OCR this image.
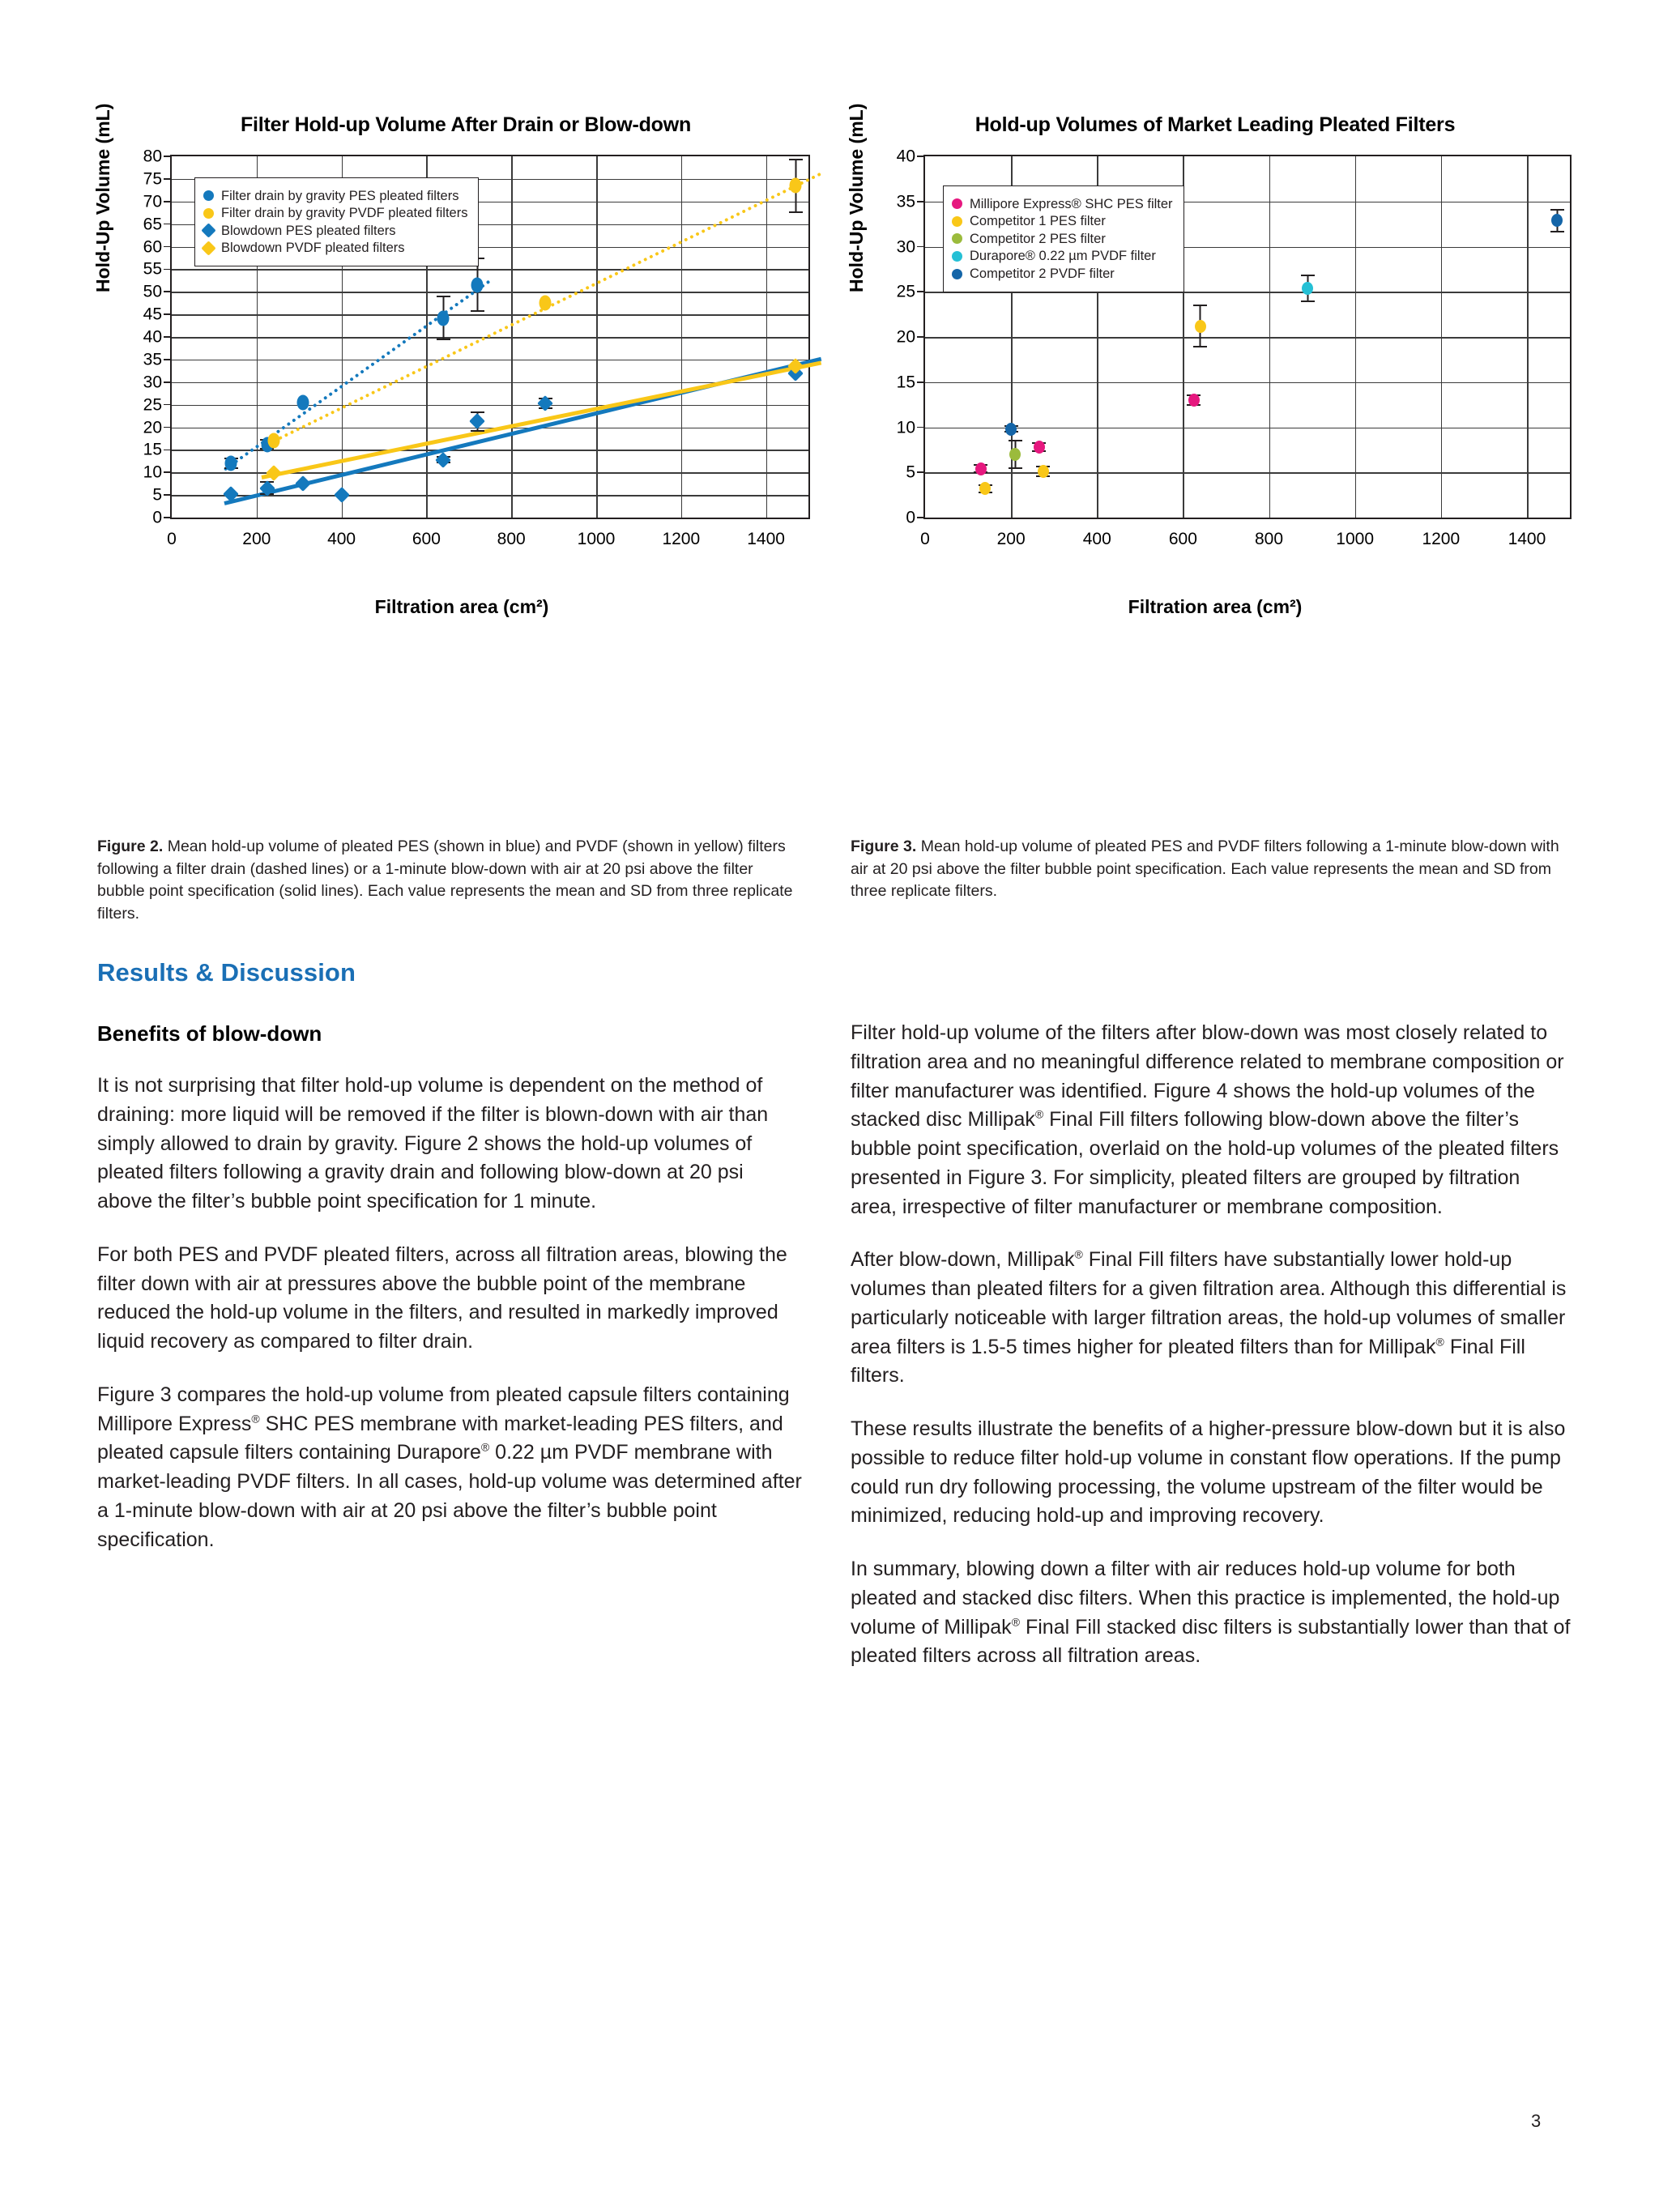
Filter Hold-up Volume After Drain or Blow-down
Hold-Up Volume (mL)	Filter drain by gravity PES pleated filters
Filter drain by gravity PVDF pleated filters
Blowdown PES pleated filters
Blowdown PVDF pleated filters
0
5
10
15
20
25
30
35
40
45
50
55
60
65
70
75
80
0	200	400	600	800	1000	1200	1400
Filtration area (cm²)
Hold-up Volumes of Market Leading Pleated Filters
Hold-Up Volume (mL)	Millipore Express® SHC PES filter
Competitor 1 PES filter
Competitor 2 PES filter
Durapore® 0.22 µm PVDF filter
Competitor 2 PVDF filter
0
5
10
15
20
25
30
35
40
0	200	400	600	800	1000	1200	1400
Filtration area (cm²)
Figure 2. Mean hold-up volume of pleated PES (shown in blue) and PVDF (shown in yellow) filters following a filter drain (dashed lines) or a 1-minute blow-down with air at 20 psi above the filter bubble point specification (solid lines). Each value represents the mean and SD from three replicate filters.
Figure 3. Mean hold-up volume of pleated PES and PVDF filters following a 1-minute blow-down with air at 20 psi above the filter bubble point specification. Each value represents the mean and SD from three replicate filters.
Results & Discussion
Benefits of blow-down

It is not surprising that filter hold-up volume is dependent on the method of draining: more liquid will be removed if the filter is blown-down with air than simply allowed to drain by gravity. Figure 2 shows the hold-up volumes of pleated filters following a gravity drain and following blow-down at 20 psi above the filter’s bubble point specification for 1 minute.

For both PES and PVDF pleated filters, across all filtration areas, blowing the filter down with air at pressures above the bubble point of the membrane reduced the hold-up volume in the filters, and resulted in markedly improved liquid recovery as compared to filter drain.

Figure 3 compares the hold-up volume from pleated capsule filters containing Millipore Express® SHC PES membrane with market-leading PES filters, and pleated capsule filters containing Durapore® 0.22 µm PVDF membrane with market-leading PVDF filters. In all cases, hold-up volume was determined after a 1-minute blow-down with air at 20 psi above the filter’s bubble point specification.

Filter hold-up volume of the filters after blow-down was most closely related to filtration area and no meaningful difference related to membrane composition or filter manufacturer was identified. Figure 4 shows the hold-up volumes of the stacked disc Millipak® Final Fill filters following blow-down above the filter’s bubble point specification, overlaid on the hold-up volumes of the pleated filters presented in Figure 3. For simplicity, pleated filters are grouped by filtration area, irrespective of filter manufacturer or membrane composition.

After blow-down, Millipak® Final Fill filters have substantially lower hold-up volumes than pleated filters for a given filtration area. Although this differential is particularly noticeable with larger filtration areas, the hold-up volumes of smaller area filters is 1.5-5 times higher for pleated filters than for Millipak® Final Fill filters.

These results illustrate the benefits of a higher-pressure blow-down but it is also possible to reduce filter hold-up volume in constant flow operations. If the pump could run dry following processing, the volume upstream of the filter would be minimized, reducing hold-up and improving recovery.

In summary, blowing down a filter with air reduces hold-up volume for both pleated and stacked disc filters. When this practice is implemented, the hold-up volume of Millipak® Final Fill stacked disc filters is substantially lower than that of pleated filters across all filtration areas.

3
